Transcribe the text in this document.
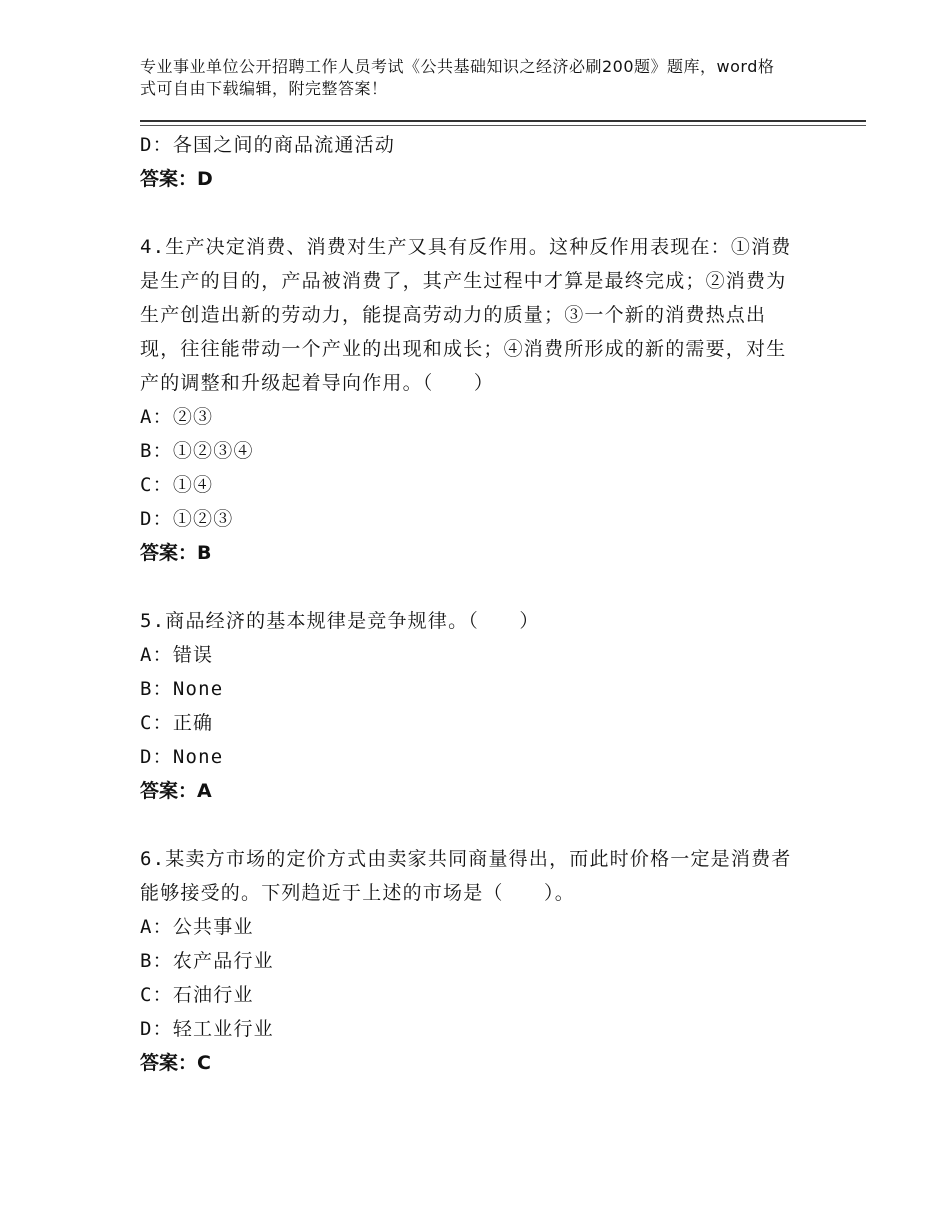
专业事业单位公开招聘工作人员考试《公共基础知识之经济必刷200题》题库，word格式可自由下载编辑，附完整答案！
D：各国之间的商品流通活动
答案：D
4.生产决定消费、消费对生产又具有反作用。这种反作用表现在：①消费是生产的目的，产品被消费了，其产生过程中才算是最终完成；②消费为生产创造出新的劳动力，能提高劳动力的质量；③一个新的消费热点出现，往往能带动一个产业的出现和成长；④消费所形成的新的需要，对生产的调整和升级起着导向作用。（　　）
A：②③
B：①②③④
C：①④
D：①②③
答案：B
5.商品经济的基本规律是竞争规律。（　　）
A：错误
B：None
C：正确
D：None
答案：A
6.某卖方市场的定价方式由卖家共同商量得出，而此时价格一定是消费者能够接受的。下列趋近于上述的市场是（　　）。
A：公共事业
B：农产品行业
C：石油行业
D：轻工业行业
答案：C
